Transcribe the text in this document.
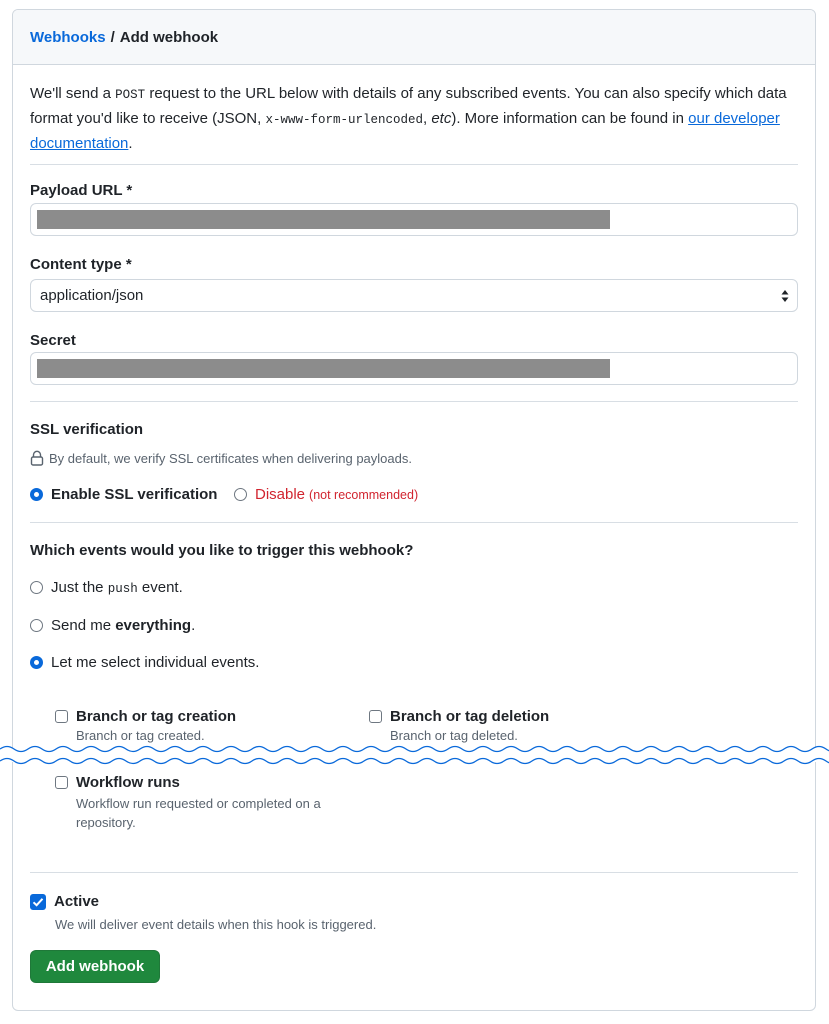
Webhooks / Add webhook
We'll send a POST request to the URL below with details of any subscribed events. You can also specify which data format you'd like to receive (JSON, x-www-form-urlencoded, etc). More information can be found in our developer documentation.
Payload URL *
Content type *
application/json
Secret
SSL verification
By default, we verify SSL certificates when delivering payloads.
Enable SSL verification	Disable (not recommended)
Which events would you like to trigger this webhook?
Just the push event.
Send me everything.
Let me select individual events.
Branch or tag creation
Branch or tag created.
Branch or tag deletion
Branch or tag deleted.
Workflow runs
Workflow run requested or completed on a repository.
Active
We will deliver event details when this hook is triggered.
Add webhook
